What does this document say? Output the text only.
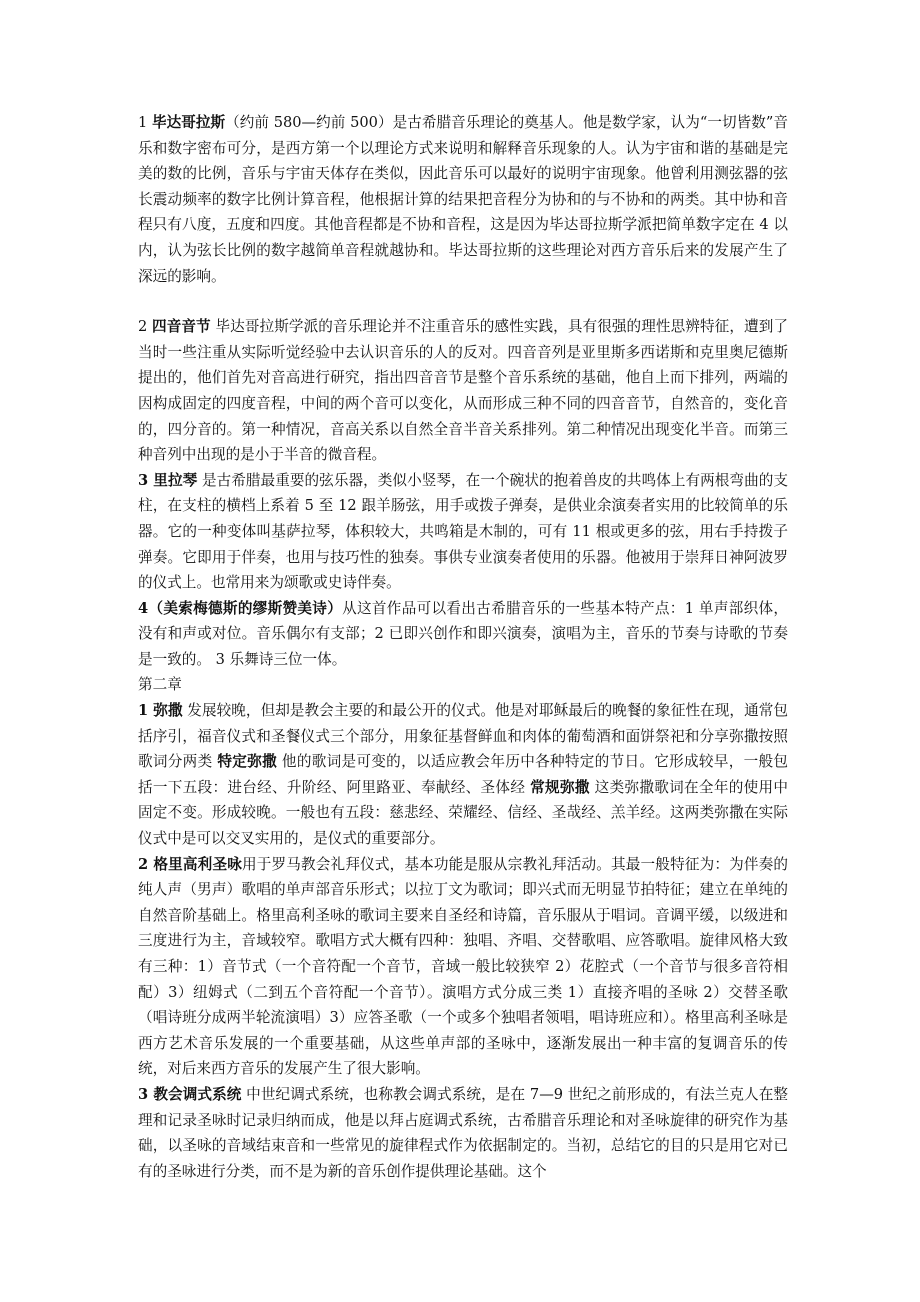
1 毕达哥拉斯（约前 580—约前 500）是古希腊音乐理论的奠基人。他是数学家，认为“一切皆数”音乐和数字密布可分，是西方第一个以理论方式来说明和解释音乐现象的人。认为宇宙和谐的基础是完美的数的比例，音乐与宇宙天体存在类似，因此音乐可以最好的说明宇宙现象。他曾利用测弦器的弦长震动频率的数字比例计算音程，他根据计算的结果把音程分为协和的与不协和的两类。其中协和音程只有八度，五度和四度。其他音程都是不协和音程，这是因为毕达哥拉斯学派把简单数字定在 4 以内，认为弦长比例的数字越简单音程就越协和。毕达哥拉斯的这些理论对西方音乐后来的发展产生了深远的影响。

2 四音音节 毕达哥拉斯学派的音乐理论并不注重音乐的感性实践，具有很强的理性思辨特征，遭到了当时一些注重从实际听觉经验中去认识音乐的人的反对。四音音列是亚里斯多西诺斯和克里奥尼德斯提出的，他们首先对音高进行研究，指出四音音节是整个音乐系统的基础，他自上而下排列，两端的因构成固定的四度音程，中间的两个音可以变化，从而形成三种不同的四音音节，自然音的，变化音的，四分音的。第一种情况，音高关系以自然全音半音关系排列。第二种情况出现变化半音。而第三种音列中出现的是小于半音的微音程。

3 里拉琴 是古希腊最重要的弦乐器，类似小竖琴，在一个碗状的抱着兽皮的共鸣体上有两根弯曲的支柱，在支柱的横档上系着 5 至 12 跟羊肠弦，用手或拨子弹奏，是供业余演奏者实用的比较简单的乐器。它的一种变体叫基萨拉琴，体积较大，共鸣箱是木制的，可有 11 根或更多的弦，用右手持拨子弹奏。它即用于伴奏，也用与技巧性的独奏。事供专业演奏者使用的乐器。他被用于崇拜日神阿波罗的仪式上。也常用来为颂歌或史诗伴奏。

4（美索梅德斯的缪斯赞美诗）从这首作品可以看出古希腊音乐的一些基本特产点：1 单声部织体，没有和声或对位。音乐偶尔有支部；2 已即兴创作和即兴演奏，演唱为主，音乐的节奏与诗歌的节奏是一致的。 3 乐舞诗三位一体。

第二章

1 弥撒 发展较晚，但却是教会主要的和最公开的仪式。他是对耶稣最后的晚餐的象征性在现，通常包括序引，福音仪式和圣餐仪式三个部分，用象征基督鲜血和肉体的葡萄酒和面饼祭祀和分享弥撒按照歌词分两类 特定弥撒 他的歌词是可变的，以适应教会年历中各种特定的节日。它形成较早，一般包括一下五段：进台经、升阶经、阿里路亚、奉献经、圣体经 常规弥撒 这类弥撒歌词在全年的使用中固定不变。形成较晚。一般也有五段：慈悲经、荣耀经、信经、圣哉经、羔羊经。这两类弥撒在实际仪式中是可以交叉实用的，是仪式的重要部分。

2 格里高利圣咏用于罗马教会礼拜仪式，基本功能是服从宗教礼拜活动。其最一般特征为：为伴奏的纯人声（男声）歌唱的单声部音乐形式；以拉丁文为歌词；即兴式而无明显节拍特征；建立在单纯的自然音阶基础上。格里高利圣咏的歌词主要来自圣经和诗篇，音乐服从于唱词。音调平缓，以级进和三度进行为主，音域较窄。歌唱方式大概有四种：独唱、齐唱、交替歌唱、应答歌唱。旋律风格大致有三种：1）音节式（一个音符配一个音节，音域一般比较狭窄 2）花腔式（一个音节与很多音符相配）3）纽姆式（二到五个音符配一个音节）。演唱方式分成三类 1）直接齐唱的圣咏 2）交替圣歌（唱诗班分成两半轮流演唱）3）应答圣歌（一个或多个独唱者领唱，唱诗班应和）。格里高利圣咏是西方艺术音乐发展的一个重要基础，从这些单声部的圣咏中，逐渐发展出一种丰富的复调音乐的传统，对后来西方音乐的发展产生了很大影响。

3 教会调式系统 中世纪调式系统，也称教会调式系统，是在 7—9 世纪之前形成的，有法兰克人在整理和记录圣咏时记录归纳而成，他是以拜占庭调式系统，古希腊音乐理论和对圣咏旋律的研究作为基础，以圣咏的音域结束音和一些常见的旋律程式作为依据制定的。当初，总结它的目的只是用它对已有的圣咏进行分类，而不是为新的音乐创作提供理论基础。这个
